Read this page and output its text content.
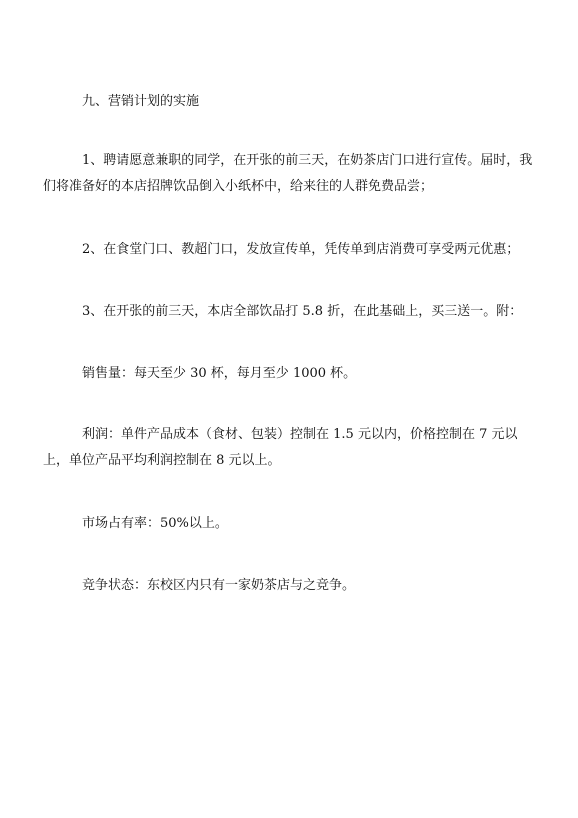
九、营销计划的实施

1、聘请愿意兼职的同学，在开张的前三天，在奶茶店门口进行宣传。届时，我们将准备好的本店招牌饮品倒入小纸杯中，给来往的人群免费品尝；

2、在食堂门口、教超门口，发放宣传单，凭传单到店消费可享受两元优惠；

3、在开张的前三天，本店全部饮品打 5.8 折，在此基础上，买三送一。附：

销售量：每天至少 30 杯，每月至少 1000 杯。

利润：单件产品成本（食材、包装）控制在 1.5 元以内，价格控制在 7 元以上，单位产品平均利润控制在 8 元以上。

市场占有率：50%以上。

竞争状态：东校区内只有一家奶茶店与之竞争。
